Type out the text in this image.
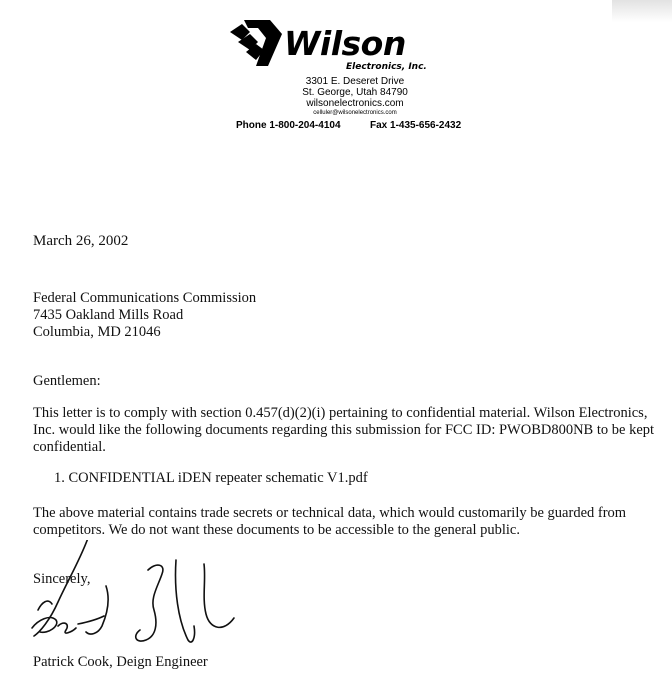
Wilson
Electronics, Inc.
3301 E. Deseret Drive
St. George, Utah 84790
wilsonelectronics.com
celluler@wilsonelectronics.com
Phone 1-800-204-4104	Fax 1-435-656-2432
March 26, 2002
Federal Communications Commission
7435 Oakland Mills Road
Columbia, MD 21046
Gentlemen:
This letter is to comply with section 0.457(d)(2)(i) pertaining to confidential material. Wilson Electronics,
Inc. would like the following documents regarding this submission for FCC ID: PWOBD800NB to be kept
confidential.
1. CONFIDENTIAL iDEN repeater schematic V1.pdf
The above material contains trade secrets or technical data, which would customarily be guarded from
competitors. We do not want these documents to be accessible to the general public.
Sincerely,
Patrick Cook, Deign Engineer
